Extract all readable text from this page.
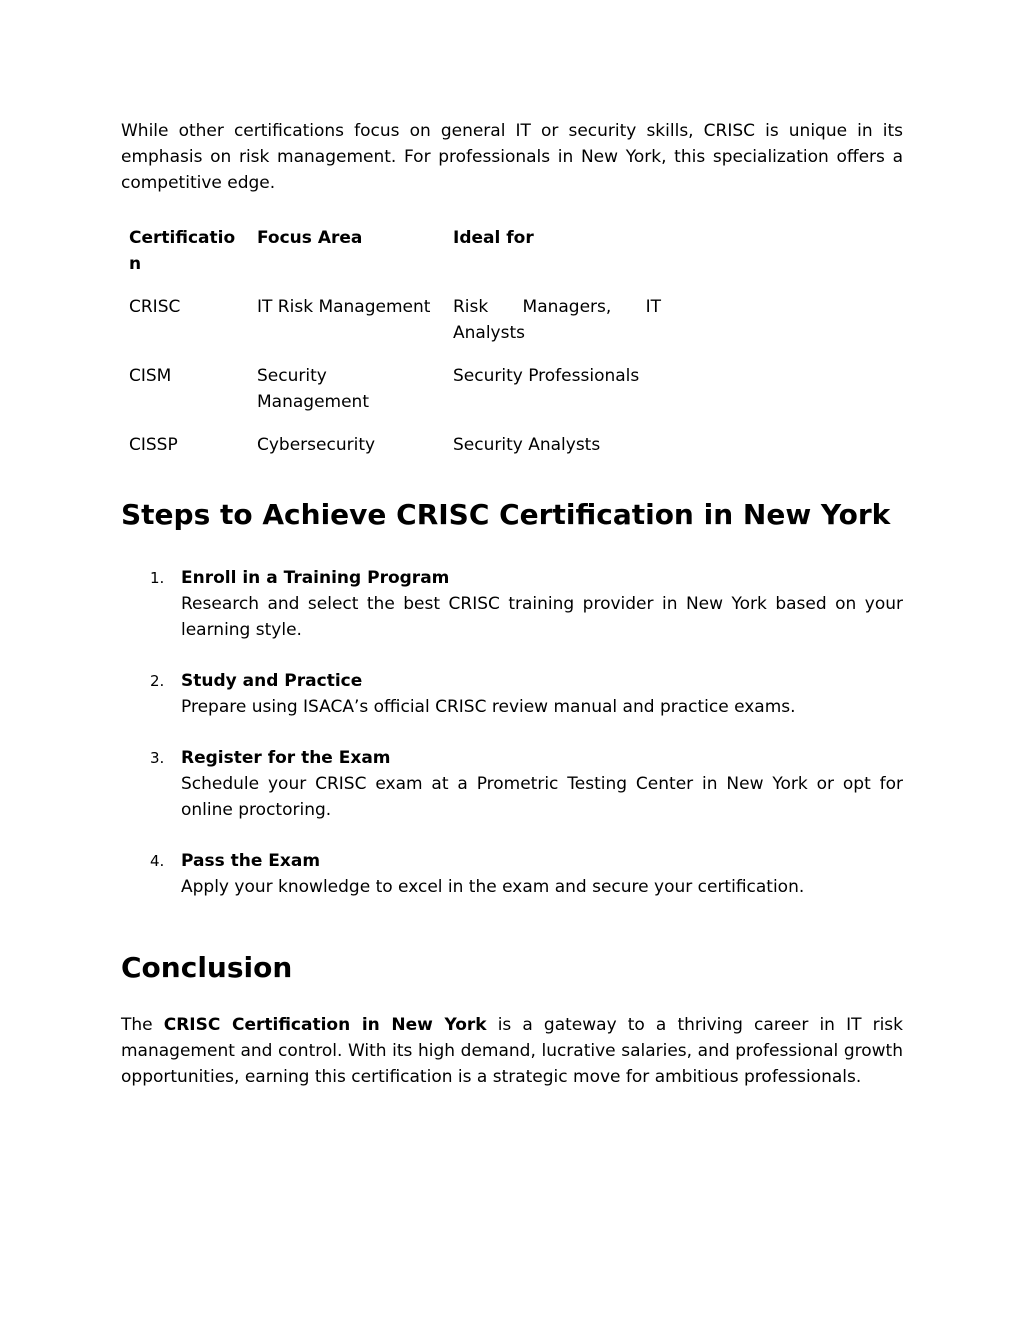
While other certifications focus on general IT or security skills, CRISC is unique in its emphasis on risk management. For professionals in New York, this specialization offers a competitive edge.

Certification	Focus Area	Ideal for
CRISC	IT Risk Management	Risk Managers, IT Analysts
CISM	Security Management	Security Professionals
CISSP	Cybersecurity	Security Analysts
Steps to Achieve CRISC Certification in New York
1. Enroll in a Training Program
Research and select the best CRISC training provider in New York based on your learning style.
2. Study and Practice
Prepare using ISACA’s official CRISC review manual and practice exams.
3. Register for the Exam
Schedule your CRISC exam at a Prometric Testing Center in New York or opt for online proctoring.
4. Pass the Exam
Apply your knowledge to excel in the exam and secure your certification.
Conclusion

The CRISC Certification in New York is a gateway to a thriving career in IT risk management and control. With its high demand, lucrative salaries, and professional growth opportunities, earning this certification is a strategic move for ambitious professionals.
